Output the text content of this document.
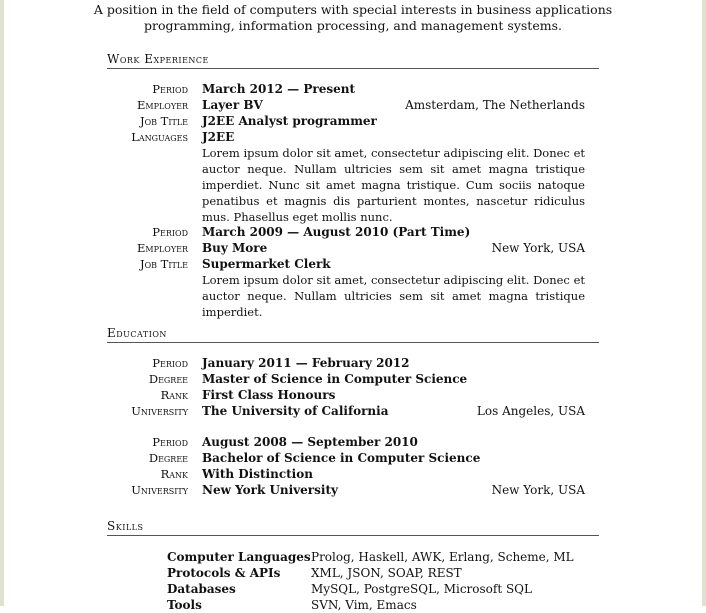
A position in the field of computers with special interests in business applications
programming, information processing, and management systems.
Work Experience
Period March 2012 — Present
Employer Layer BV	Amsterdam, The Netherlands
Job Title J2EE Analyst programmer
Languages J2EE
Lorem ipsum dolor sit amet, consectetur adipiscing elit. Donec et auctor neque. Nullam ultricies sem sit amet magna tristique imperdiet. Nunc sit amet magna tristique. Cum sociis natoque penatibus et magnis dis parturient montes, nascetur ridiculus mus. Phasellus eget mollis nunc.
Period March 2009 — August 2010 (Part Time)
Employer Buy More	New York, USA
Job Title Supermarket Clerk
Lorem ipsum dolor sit amet, consectetur adipiscing elit. Donec et auctor neque. Nullam ultricies sem sit amet magna tristique imperdiet.
Education
Period January 2011 — February 2012
Degree Master of Science in Computer Science
Rank First Class Honours
University The University of California	Los Angeles, USA
Period August 2008 — September 2010
Degree Bachelor of Science in Computer Science
Rank With Distinction
University New York University	New York, USA
Skills
Computer Languages Prolog, Haskell, AWK, Erlang, Scheme, ML
Protocols & APIs	XML, JSON, SOAP, REST
Databases	MySQL, PostgreSQL, Microsoft SQL
Tools	SVN, Vim, Emacs
